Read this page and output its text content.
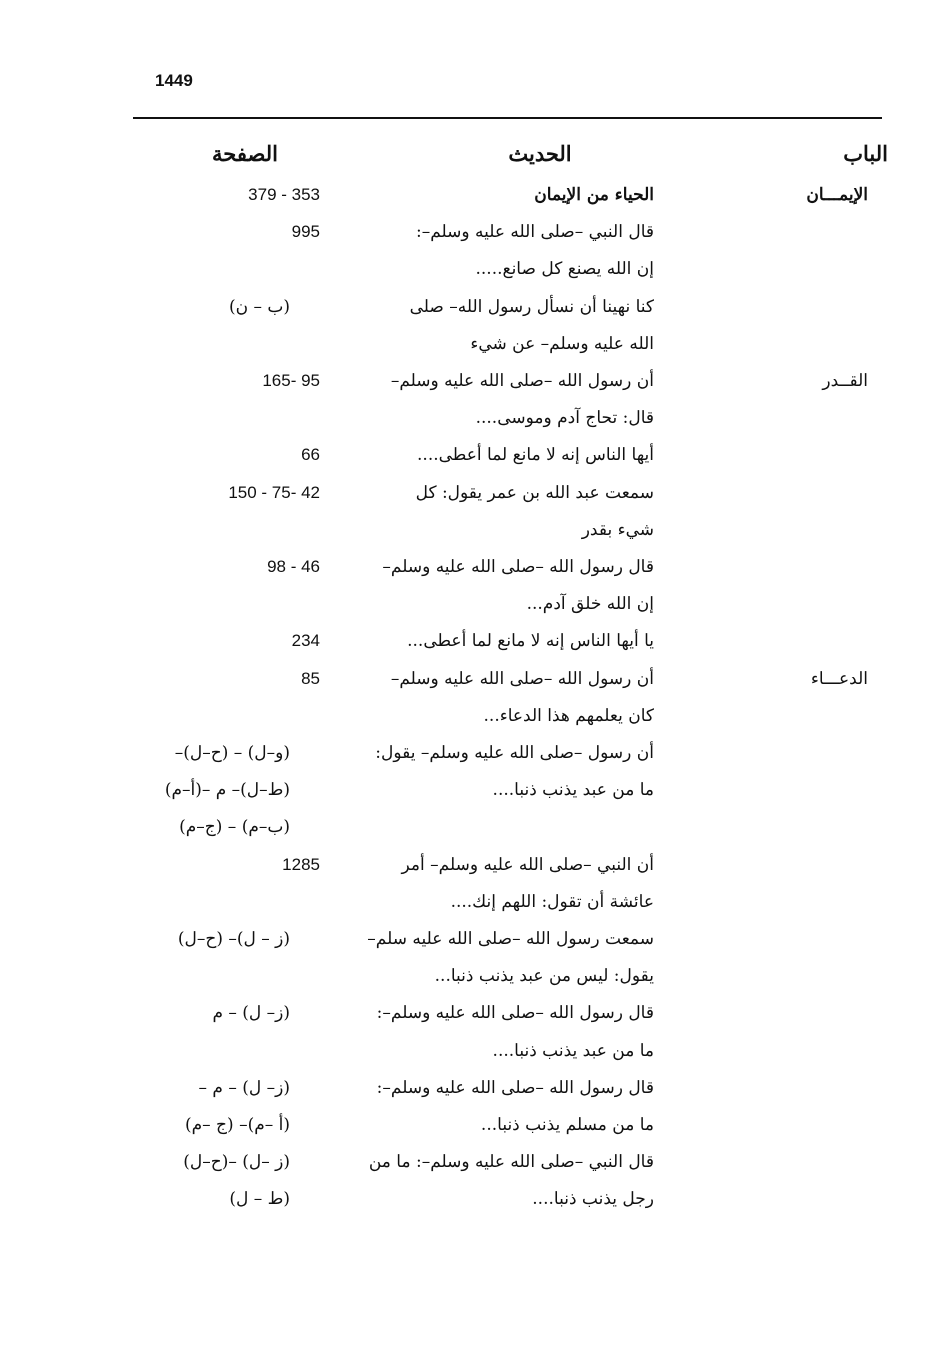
1449
الباب
الحديث
الصفحة
الإيمـــان
الحياء من الإيمان
379 - 353
قال النبي –صلى الله عليه وسلم–:
995
إن الله يصنع كل صانع.....
كنا نهينا أن نسأل رسول الله– صلى
(ب – ن)
الله عليه وسلم– عن شيء
القــدر
أن رسول الله –صلى الله عليه وسلم–
165- 95
قال: تحاج آدم وموسى....
أيها الناس إنه لا مانع لما أعطى....
66
سمعت عبد الله بن عمر يقول: كل
150 - 75- 42
شيء بقدر
قال رسول الله –صلى الله عليه وسلم–
98 - 46
إن الله خلق آدم...
يا أيها الناس إنه لا مانع لما أعطى...
234
الدعـــاء
أن رسول الله –صلى الله عليه وسلم–
85
كان يعلمهم هذا الدعاء...
أن رسول –صلى الله عليه وسلم– يقول:
(و–ل) – (ح–ل)–
ما من عبد يذنب ذنبا....
(ط–ل)– م –(أ–م)
(ب–م) – (ج–م)
أن النبي –صلى الله عليه وسلم– أمر
1285
عائشة أن تقول: اللهم إنك....
سمعت رسول الله –صلى الله عليه سلم–
(ز – ل)– (ح–ل)
يقول: ليس من عبد يذنب ذنبا...
قال رسول الله –صلى الله عليه وسلم–:
(ز– ل) – م
ما من عبد يذنب ذنبا....
قال رسول الله –صلى الله عليه وسلم–:
(ز– ل) – م –
ما من مسلم يذنب ذنبا...
(أ –م)– (ج –م)
قال النبي –صلى الله عليه وسلم–: ما من
(ز –ل) –(ح–ل)
رجل يذنب ذنبا....
(ط – ل)
